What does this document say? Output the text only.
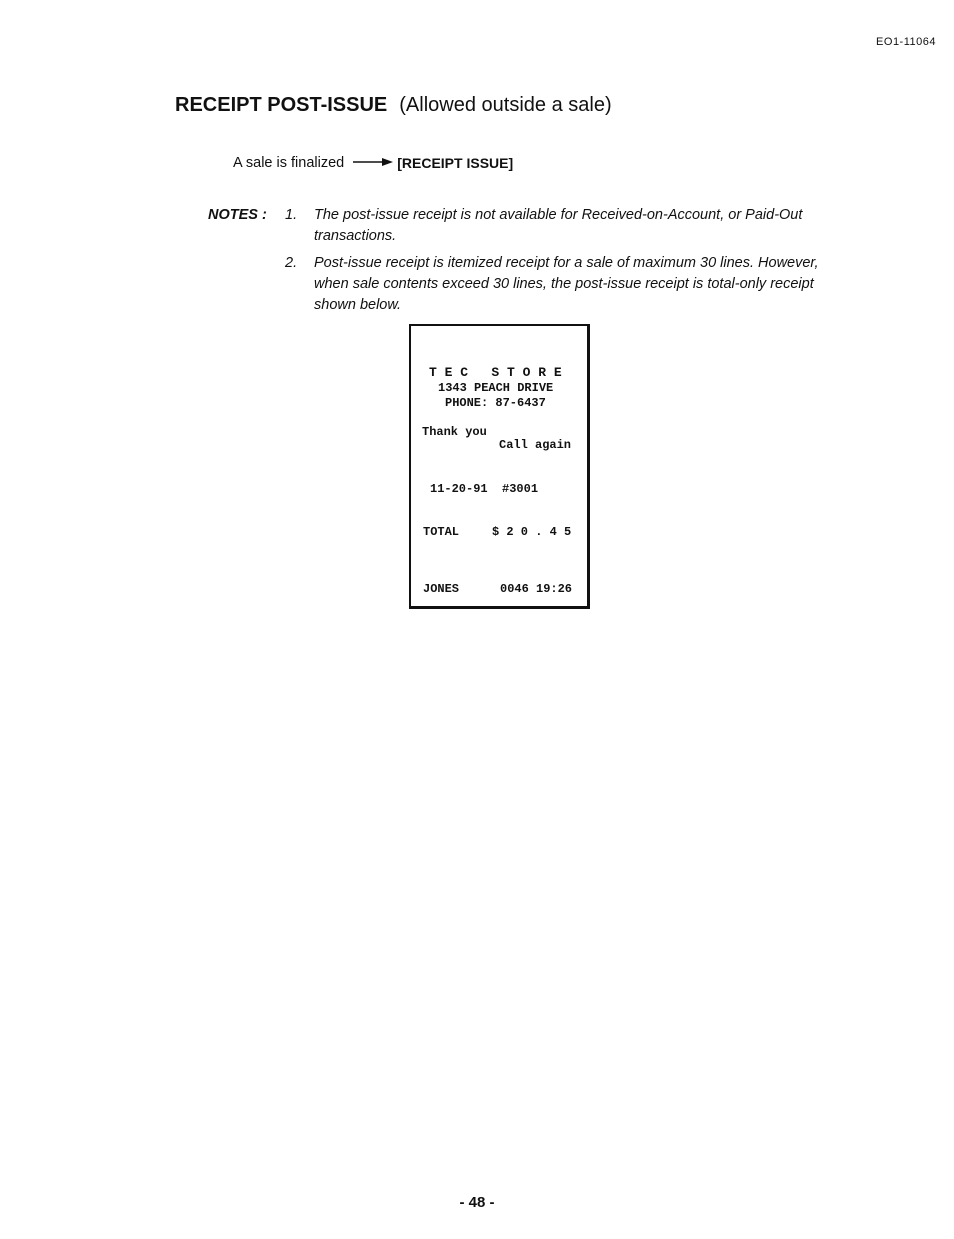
EO1-11064
RECEIPT POST-ISSUE (Allowed outside a sale)
A sale is finalized	[RECEIPT ISSUE]
NOTES : 1. The post-issue receipt is not available for Received-on-Account, or Paid-Out transactions.
2. Post-issue receipt is itemized receipt for a sale of maximum 30 lines. However, when sale contents exceed 30 lines, the post-issue receipt is total-only receipt shown below.
T E C   S T O R E
1343 PEACH DRIVE
PHONE: 87-6437
Thank you
Call again
11-20-91  #3001
TOTAL	$ 2 0 . 4 5
JONES	0046 19:26
- 48 -
